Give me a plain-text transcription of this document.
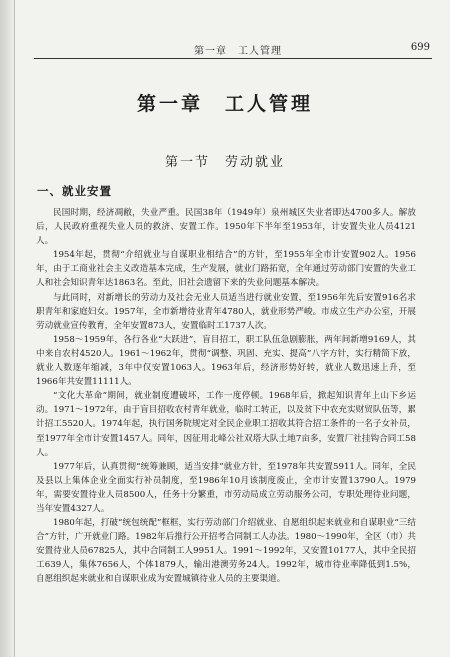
第一章　工人管理	699
第一章　工人管理
第一节　劳动就业
一、就业安置

民国时期，经济凋敝，失业严重。民国38年（1949年）泉州城区失业者即达4700多人。解放后，人民政府重视失业人员的救济、安置工作。1950年下半年至1953年，计安置失业人员4121人。

1954年起，贯彻“介绍就业与自谋职业相结合”的方针，至1955年全市计安置902人。1956年，由于工商业社会主义改造基本完成，生产发展，就业门路拓宽，全年通过劳动部门安置的失业工人和社会知识青年达1863名。至此，旧社会遗留下来的失业问题基本解决。

与此同时，对新增长的劳动力及社会无业人员适当进行就业安置，至1956年先后安置916名求职青年和家庭妇女。1957年，全市新增待业青年4780人，就业形势严峻。市成立生产办公室，开展劳动就业宣传教育，全年安置873人，安置临时工1737人次。

1958～1959年，各行各业“大跃进”，盲目招工，职工队伍急剧膨胀，两年间新增9169人，其中来自农村4520人。1961～1962年，贯彻“调整、巩固、充实、提高”八字方针，实行精简下放，就业人数逐年缩减，3年中仅安置1063人。1963年后，经济形势好转，就业人数迅速上升，至1966年共安置11111人。

“文化大革命”期间，就业制度遭破坏，工作一度停顿。1968年后，掀起知识青年上山下乡运动。1971～1972年，由于盲目招收农村青年就业，临时工转正，以及贫下中农充实财贸队伍等，累计招工5520人。1974年起，执行国务院规定对全民企业职工招收其符合招工条件的一名子女补员，至1977年全市计安置1457人。同年，因征用北峰公社双塔大队土地7亩多，安置厂社挂钩合同工58人。

1977年后，认真贯彻“统筹兼顾，适当安排”就业方针，至1978年共安置5911人。同年，全民及县以上集体企业全面实行补员制度，至1986年10月该制度废止，全市计安置13790人。1979年，需要安置待业人员8500人，任务十分繁重，市劳动局成立劳动服务公司，专职处理待业问题，当年安置4327人。

1980年起，打破“统包统配”框框，实行劳动部门介绍就业、自愿组织起来就业和自谋职业“三结合”方针，广开就业门路。1982年后推行公开招考合同制工人办法。1980～1990年，全区（市）共安置待业人员67825人，其中合同制工人9951人。1991～1992年，又安置10177人，其中全民招工639人，集体7656人，个体1879人，输出港澳劳务24人。1992年，城市待业率降低到1.5%，自愿组织起来就业和自谋职业成为安置城镇待业人员的主要渠道。
